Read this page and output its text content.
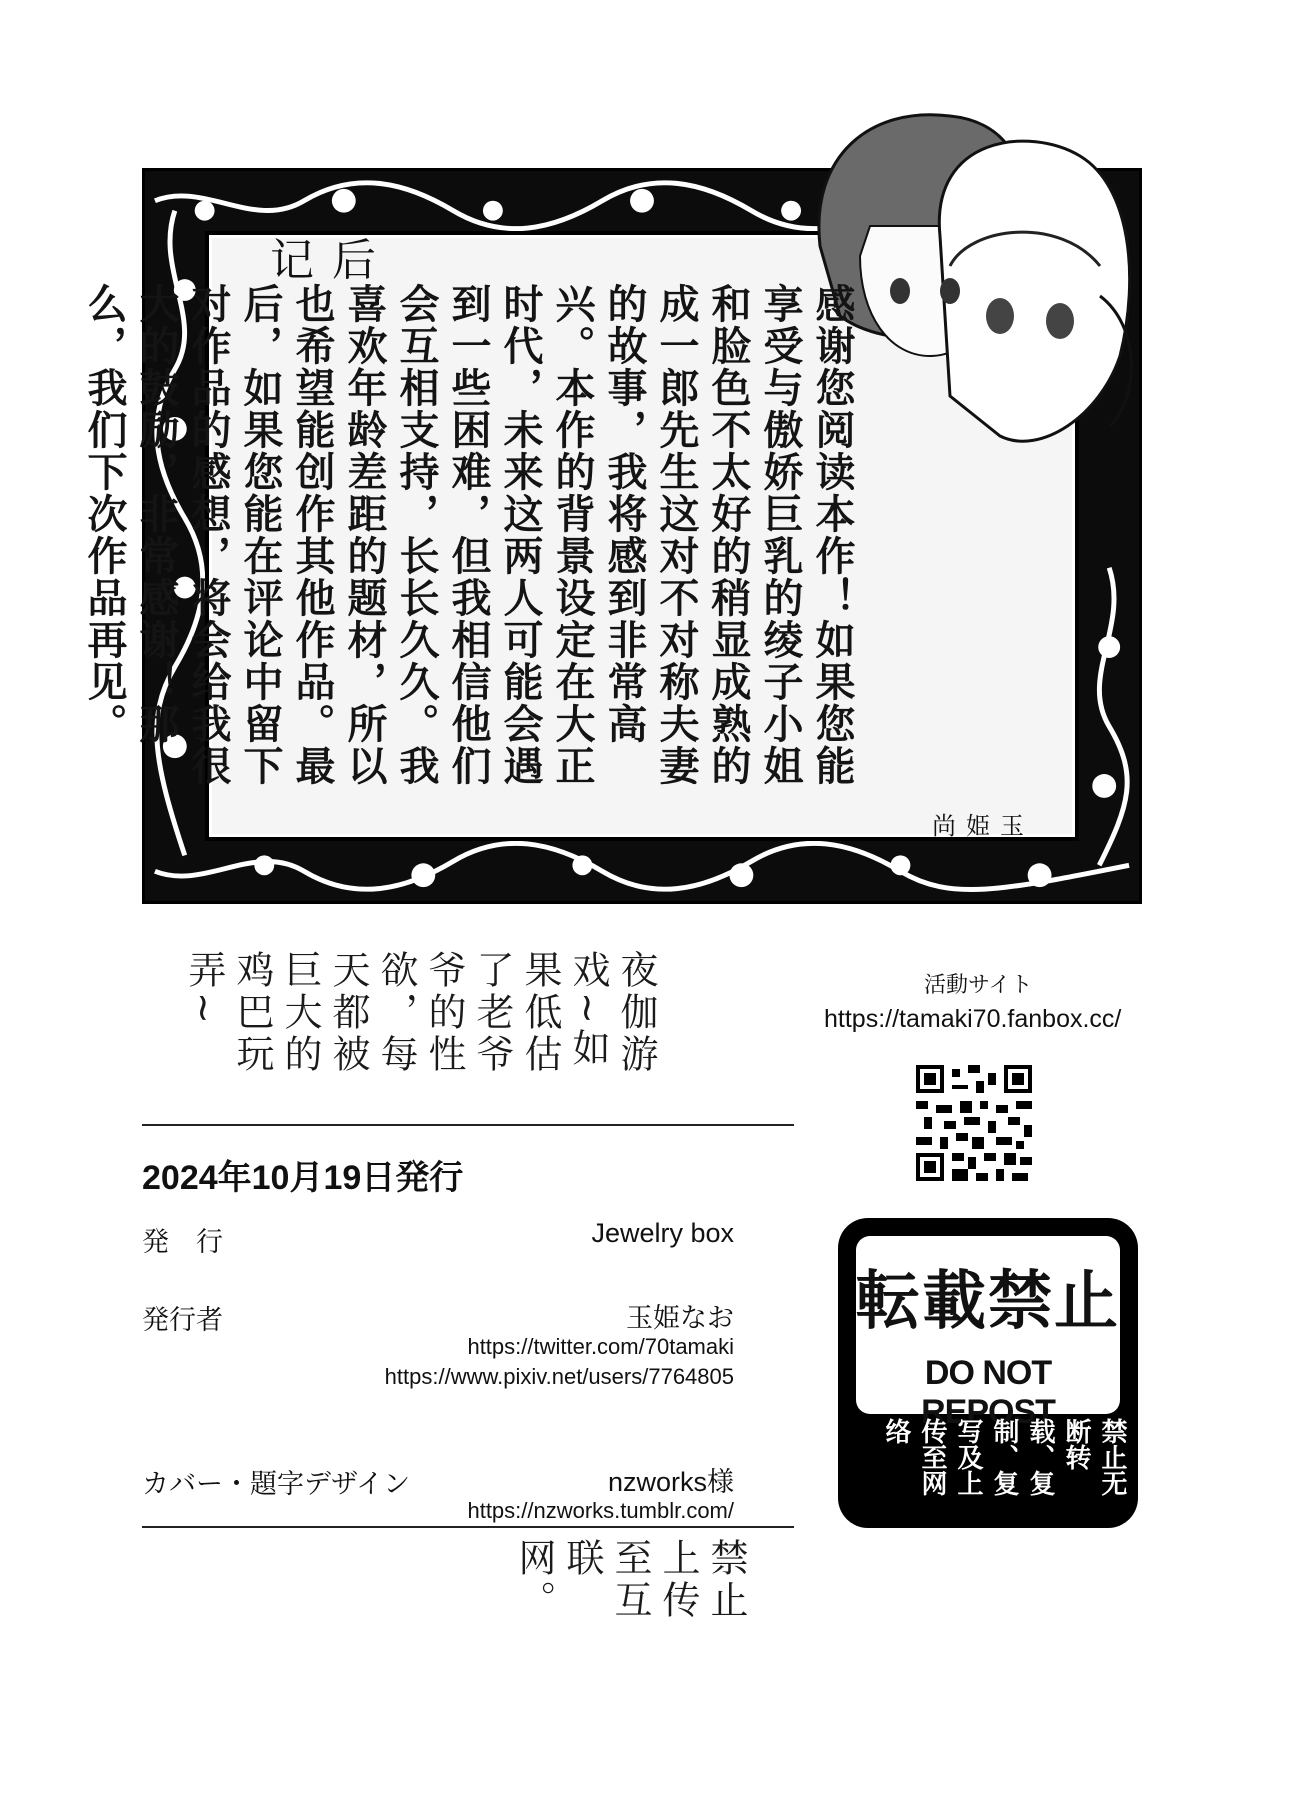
记后
感谢您阅读本作！如果您能享受与傲娇巨乳的绫子小姐和脸色不太好的稍显成熟的成一郎先生这对不对称夫妻的故事，我将感到非常高兴。本作的背景设定在大正时代，未来这两人可能会遇到一些困难，但我相信他们会互相支持，长长久久。我喜欢年龄差距的题材，所以也希望能创作其他作品。最后，如果您能在评论中留下对作品的感想，将会给我很大的鼓励，非常感谢！那么，我们下次作品再见。
尚姫玉
夜伽游戏~如果低估了老爷爷的性欲，每天都被巨大的鸡巴玩弄~
2024年10月19日発行
発　行	Jewelry box
発行者	玉姫なお
https://twitter.com/70tamaki
https://www.pixiv.net/users/7764805
カバー・題字デザイン	nzworks様
https://nzworks.tumblr.com/
禁止上传至互联网。
活動サイト
https://tamaki70.fanbox.cc/
転載禁止
DO NOT REPOST
禁止无断转载、复制、复写及上传至网络
